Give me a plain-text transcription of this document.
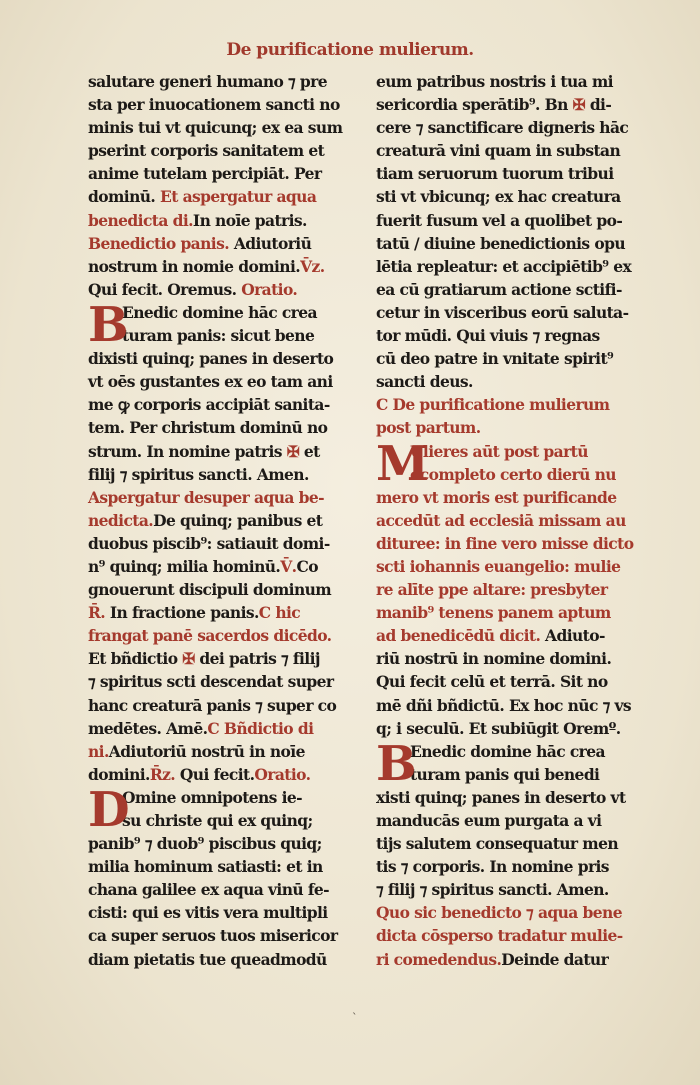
De purificatione mulierum.
salutare generi humano ⁊ pre
sta per inuocationem sancti no
minis tui vt quicunq; ex ea sum
pserint corporis sanitatem et
anime tutelam percipiāt. Per
dominū. Et aspergatur aqua
benedicta di.In noīe patris.
Benedictio panis. Adiutoriū
nostrum in nomie domini.V̄z.
Qui fecit. Oremus. Oratio.
B
Enedic domine hāc crea
turam panis: sicut bene
dixisti quinq; panes in deserto
vt oēs gustantes ex eo tam ani
me ꝙ corporis accipiāt sanita-
tem. Per christum dominū no
strum. In nomine patris ✠ et
filij ⁊ spiritus sancti. Amen.
Aspergatur desuper aqua be-
nedicta.De quinq; panibus et
duobus piscib⁹: satiauit domi-
n⁹ quinq; milia hominū.V̄.Co
gnouerunt discipuli dominum
R̄. In fractione panis.C hic
frangat panē sacerdos dicēdo.
Et bñdictio ✠ dei patris ⁊ filij
⁊ spiritus scti descendat super
hanc creaturā panis ⁊ super co
medētes. Amē.C Bñdictio di
ni.Adiutoriū nostrū in noīe
domini.R̄z. Qui fecit.Oratio.
D
Omine omnipotens ie-
su christe qui ex quinq;
panib⁹ ⁊ duob⁹ piscibus quiq;
milia hominum satiasti: et in
chana galilee ex aqua vinū fe-
cisti: qui es vitis vera multipli
ca super seruos tuos misericor
diam pietatis tue queadmodū
eum patribus nostris i tua mi
sericordia sperātib⁹. Bn ✠ di-
cere ⁊ sanctificare digneris hāc
creaturā vini quam in substan
tiam seruorum tuorum tribui
sti vt vbicunq; ex hac creatura
fuerit fusum vel a quolibet po-
tatū / diuine benedictionis opu
lētia repleatur: et accipiētib⁹ ex
ea cū gratiarum actione sctifi-
cetur in visceribus eorū saluta-
tor mūdi. Qui viuis ⁊ regnas
cū deo patre in vnitate spirit⁹
sancti deus.
C De purificatione mulierum
post partum.
M
Ulieres aūt post partū
ocompleto certo dierū nu
mero vt moris est purificande
accedūt ad ecclesiā missam au
dituree: in fine vero misse dicto
scti iohannis euangelio: mulie
re alīte ppe altare: presbyter
manib⁹ tenens panem aptum
ad benedicēdū dicit. Adiuto-
riū nostrū in nomine domini.
Qui fecit celū et terrā. Sit no
mē dñi bñdictū. Ex hoc nūc ⁊ vs
q; i seculū. Et subiūgit Oremº.
B
Enedic domine hāc crea
turam panis qui benedi
xisti quinq; panes in deserto vt
manducās eum purgata a vi
tijs salutem consequatur men
tis ⁊ corporis. In nomine pris
⁊ filij ⁊ spiritus sancti. Amen.
Quo sic benedicto ⁊ aqua bene
dicta cōsperso tradatur mulie-
ri comedendus.Deinde datur
ˎ
